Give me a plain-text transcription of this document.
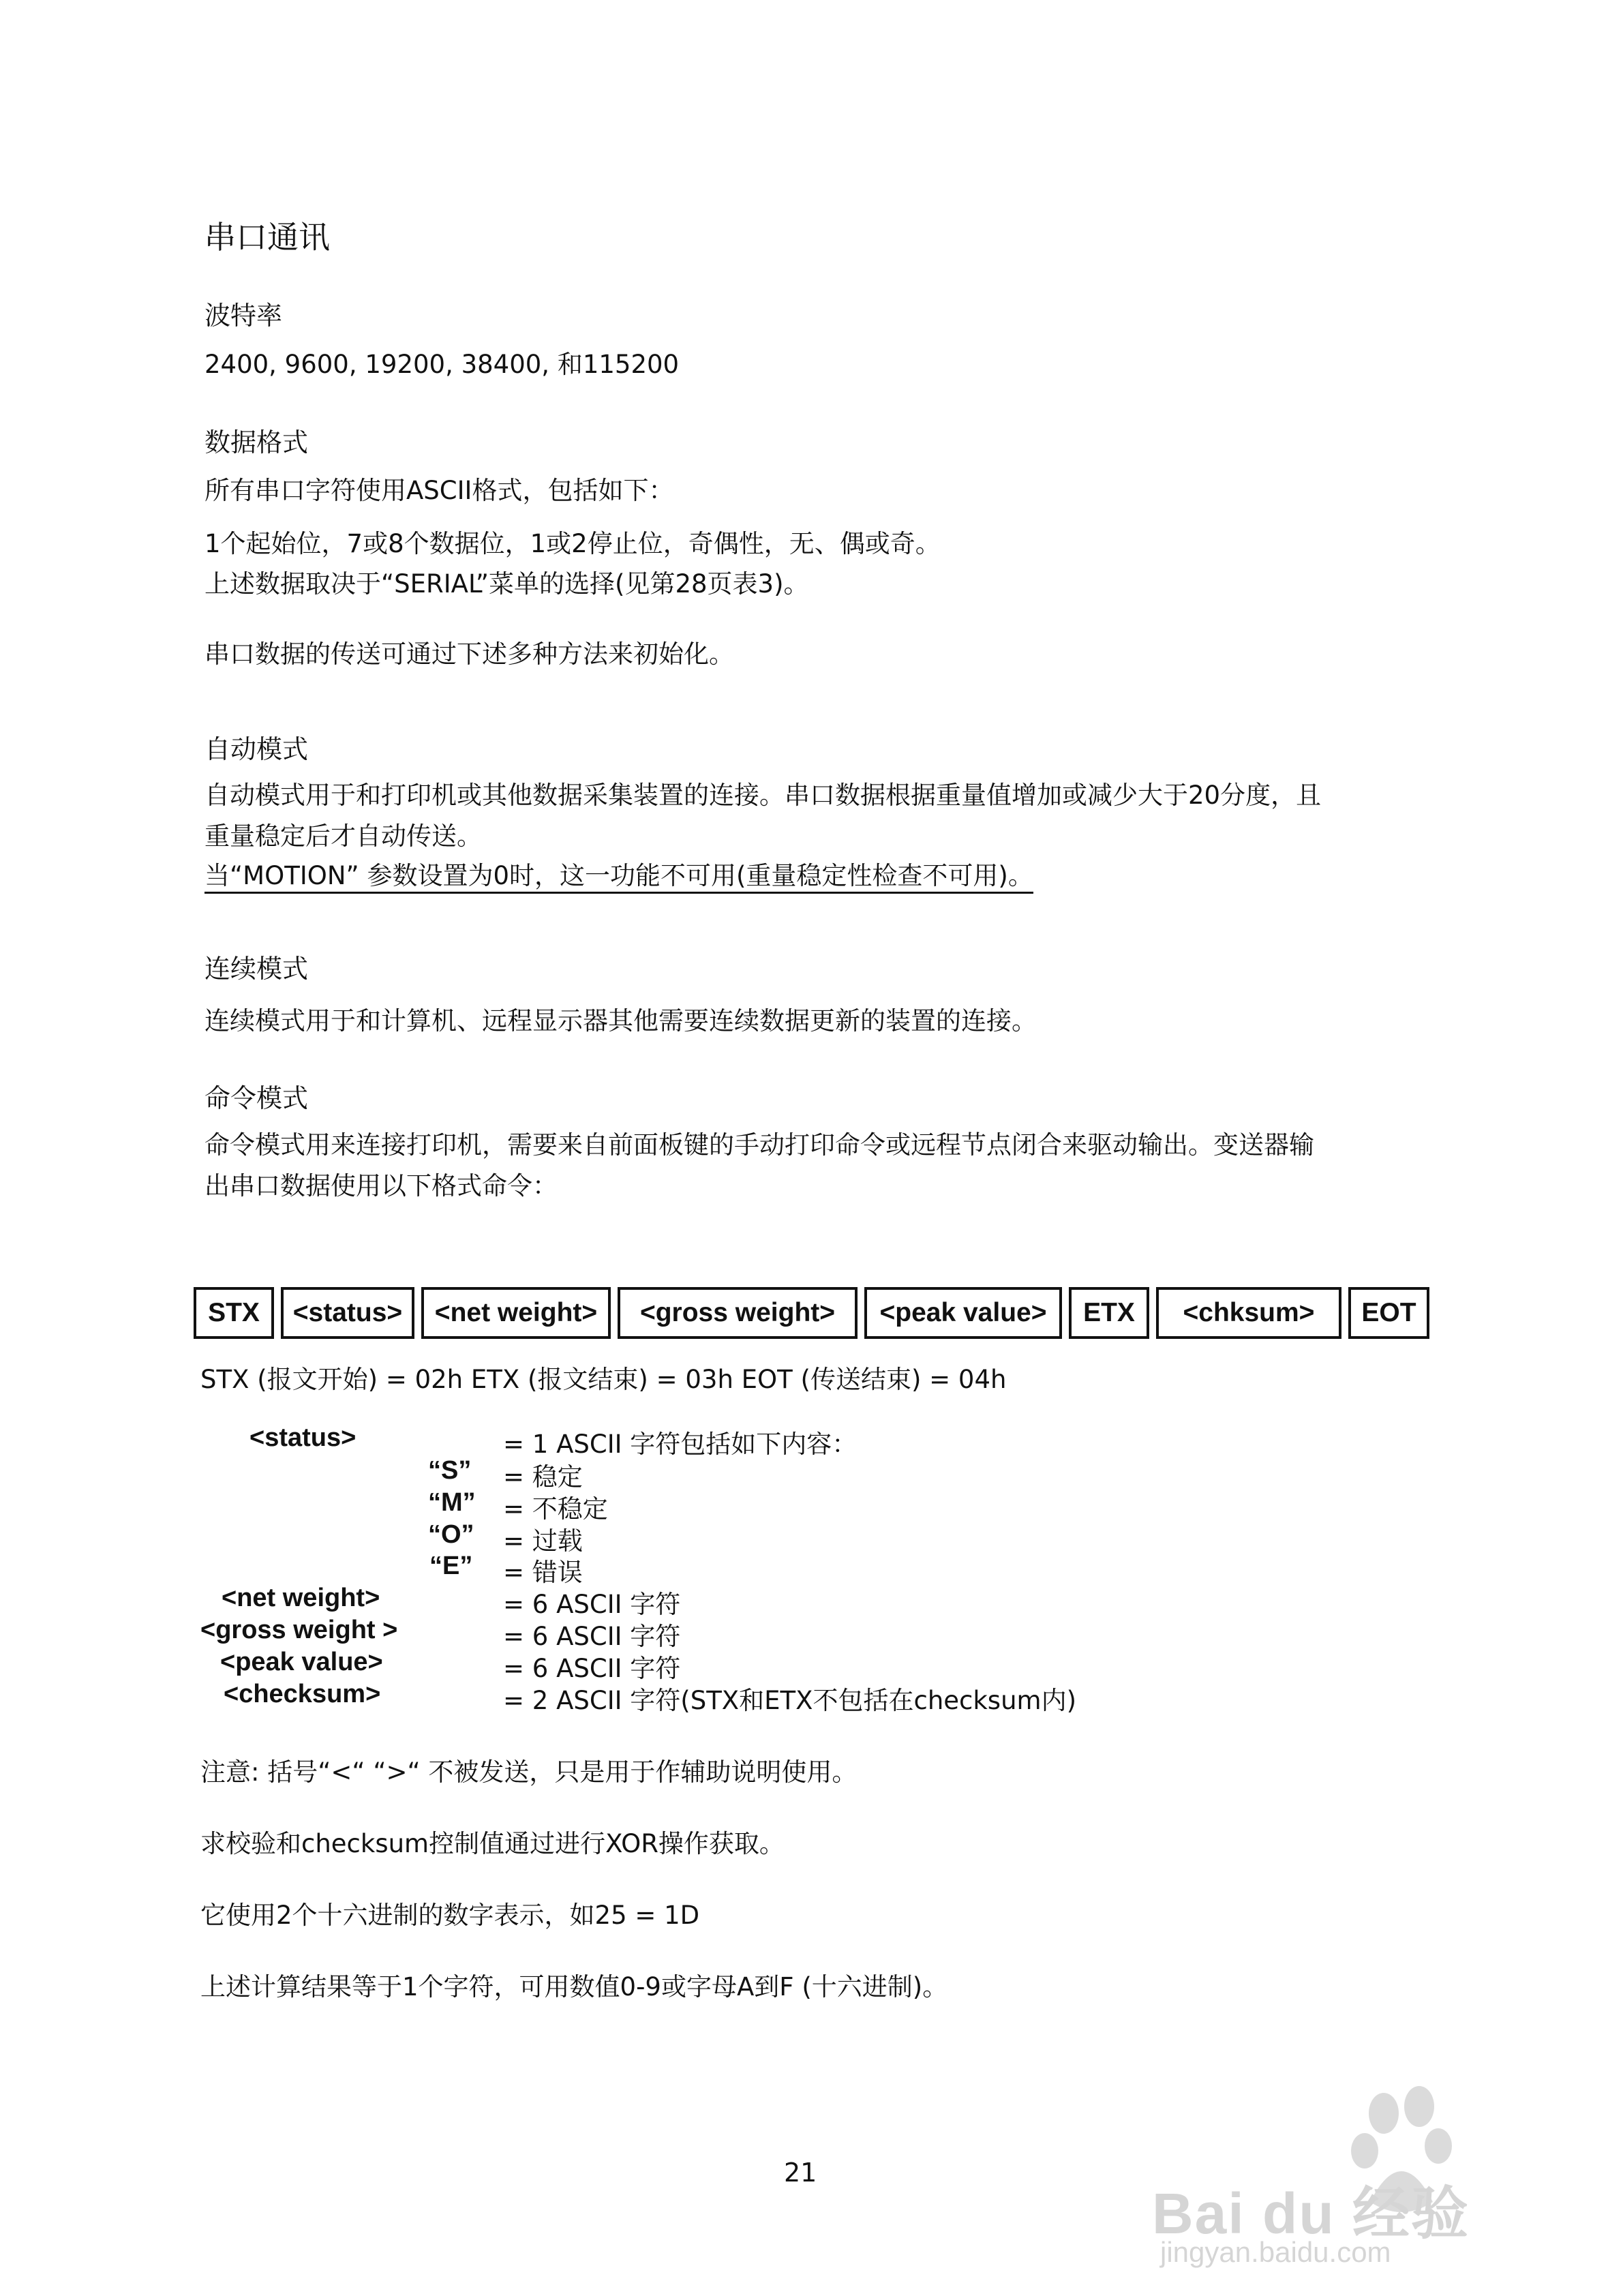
串口通讯
波特率
2400, 9600, 19200, 38400, 和115200
数据格式
所有串口字符使用ASCII格式，包括如下：
1个起始位，7或8个数据位，1或2停止位，奇偶性，无、偶或奇。
上述数据取决于“SERIAL”菜单的选择(见第28页表3)。
串口数据的传送可通过下述多种方法来初始化。
自动模式
自动模式用于和打印机或其他数据采集装置的连接。串口数据根据重量值增加或减少大于20分度，且
重量稳定后才自动传送。
当“MOTION” 参数设置为0时，这一功能不可用(重量稳定性检查不可用)。
连续模式
连续模式用于和计算机、远程显示器其他需要连续数据更新的装置的连接。
命令模式
命令模式用来连接打印机，需要来自前面板键的手动打印命令或远程节点闭合来驱动输出。变送器输
出串口数据使用以下格式命令：
STX	<status>	<net weight>	<gross weight>	<peak value>	ETX	<chksum>	EOT
STX (报文开始) = 02h ETX (报文结束) = 03h EOT (传送结束) = 04h
<status>	= 1 ASCII 字符包括如下内容：
“S” = 稳定
“M” = 不稳定
“O” = 过载
“E” = 错误
<net weight>	= 6 ASCII 字符
<gross weight >	= 6 ASCII 字符
<peak value>	= 6 ASCII 字符
<checksum>	= 2 ASCII 字符(STX和ETX不包括在checksum内)
注意: 括号“<“ “>“ 不被发送，只是用于作辅助说明使用。
求校验和checksum控制值通过进行XOR操作获取。
它使用2个十六进制的数字表示，如25 = 1D
上述计算结果等于1个字符，可用数值0-9或字母A到F (十六进制)。
21
Bai du 经验
jingyan.baidu.com
